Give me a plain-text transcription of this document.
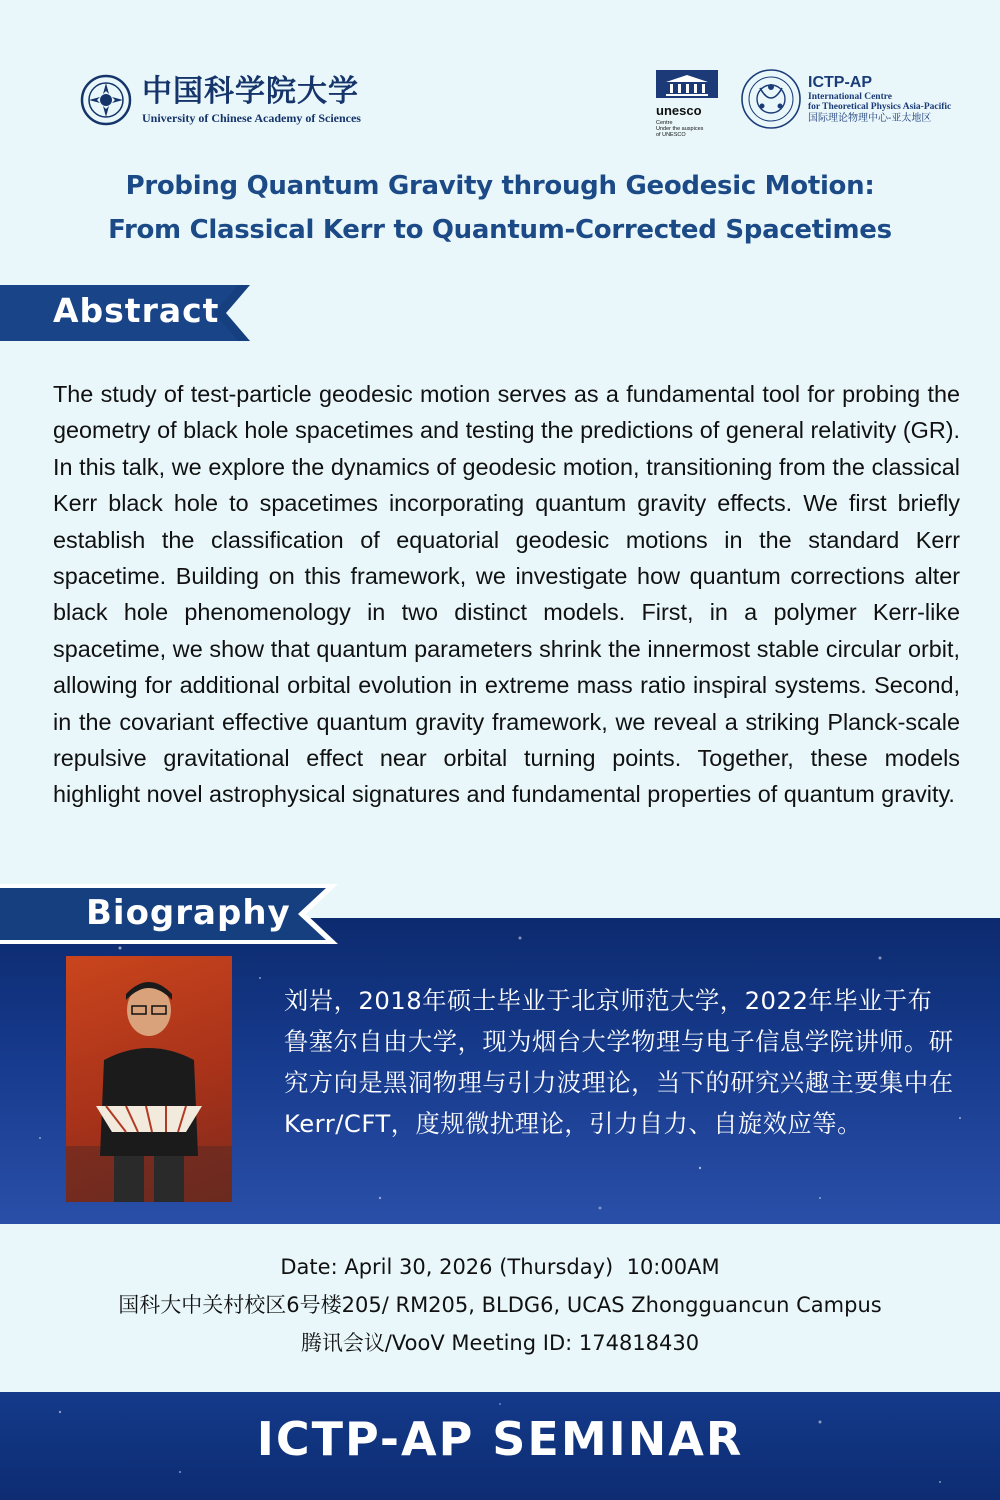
中国科学院大学
University of Chinese Academy of Sciences	unesco
Centre
Under the auspices
of UNESCO
ICTP-AP
International Centre
for Theoretical Physics Asia-Pacific
国际理论物理中心-亚太地区
Probing Quantum Gravity through Geodesic Motion:
From Classical Kerr to Quantum-Corrected Spacetimes
Abstract
The study of test-particle geodesic motion serves as a fundamental tool for probing the geometry of black hole spacetimes and testing the predictions of general relativity (GR). In this talk, we explore the dynamics of geodesic motion, transitioning from the classical Kerr black hole to spacetimes incorporating quantum gravity effects. We first briefly establish the classification of equatorial geodesic motions in the standard Kerr spacetime. Building on this framework, we investigate how quantum corrections alter black hole phenomenology in two distinct models. First, in a polymer Kerr-like spacetime, we show that quantum parameters shrink the innermost stable circular orbit, allowing for additional orbital evolution in extreme mass ratio inspiral systems. Second, in the covariant effective quantum gravity framework, we reveal a striking Planck-scale repulsive gravitational effect near orbital turning points. Together, these models highlight novel astrophysical signatures and fundamental properties of quantum gravity.
Biography
刘岩，2018年硕士毕业于北京师范大学，2022年毕业于布鲁塞尔自由大学，现为烟台大学物理与电子信息学院讲师。研究方向是黑洞物理与引力波理论，当下的研究兴趣主要集中在Kerr/CFT，度规微扰理论，引力自力、自旋效应等。
Date: April 30, 2026 (Thursday)  10:00AM
国科大中关村校区6号楼205/ RM205, BLDG6, UCAS Zhongguancun Campus
腾讯会议/VooV Meeting ID: 174818430
ICTP-AP SEMINAR
